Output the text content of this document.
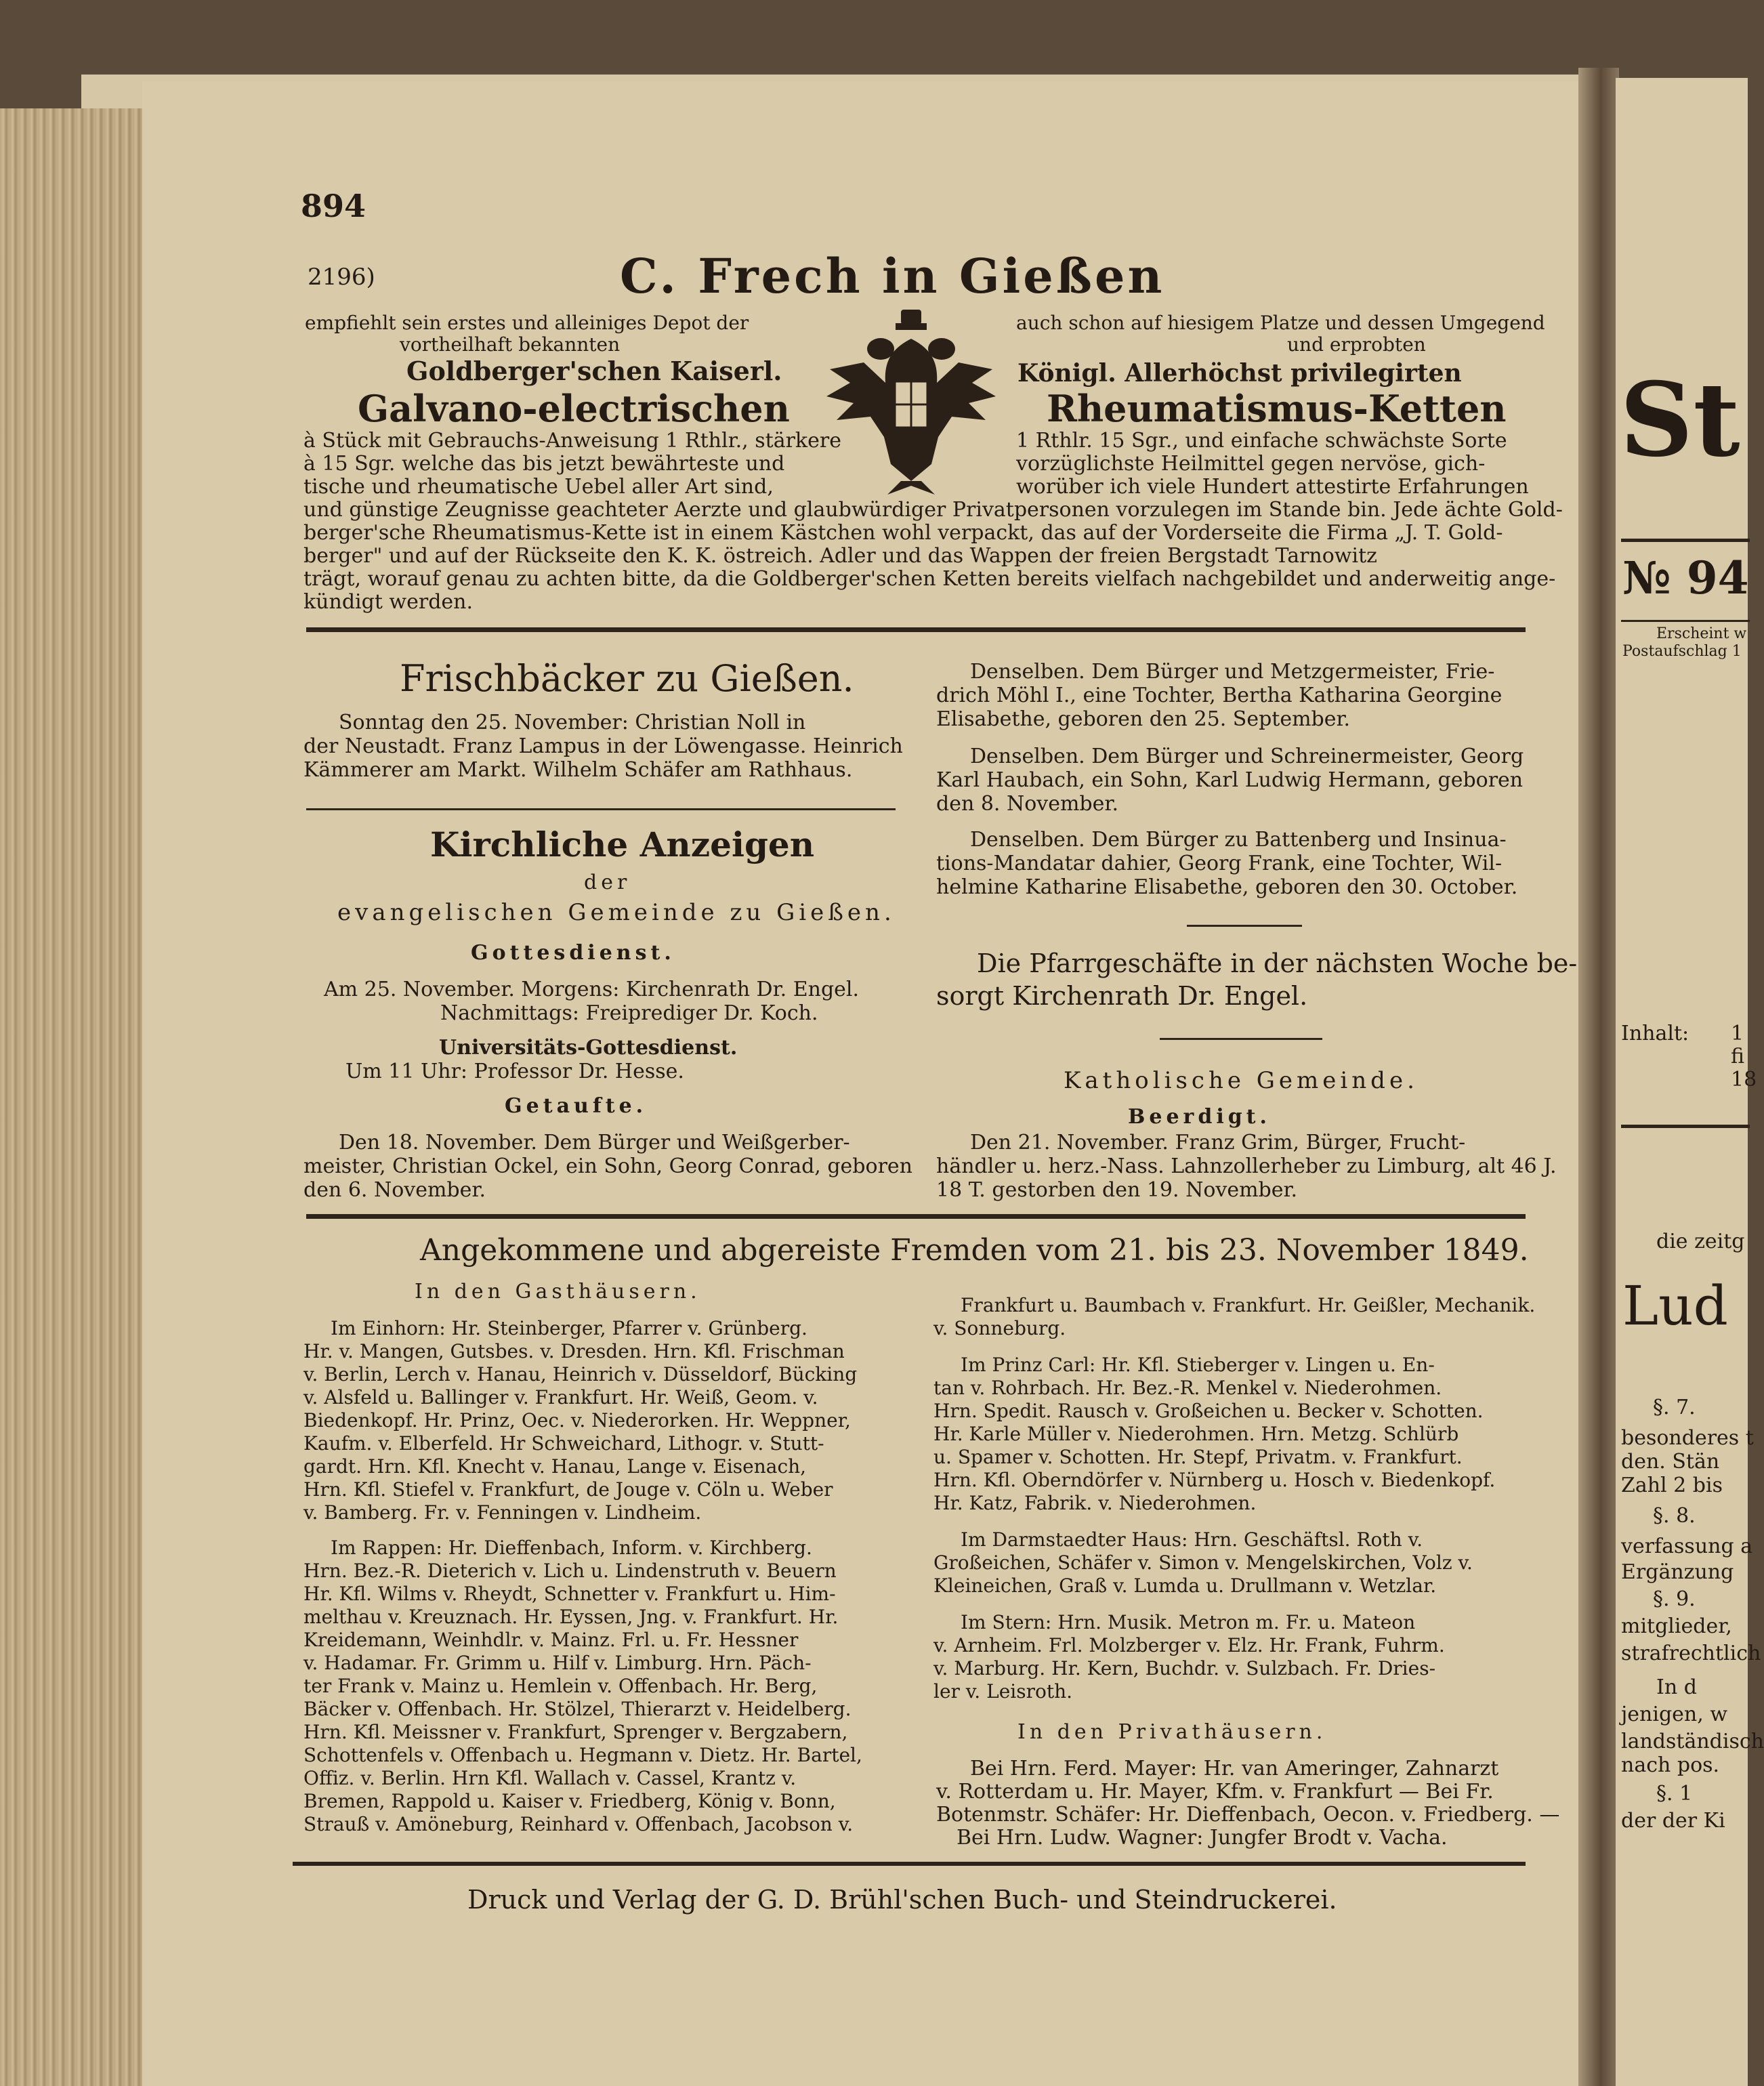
894
2196)	C. Frech in Gießen
empfiehlt sein erstes und alleiniges Depot der
vortheilhaft bekannten
auch schon auf hiesigem Platze und dessen Umgegend
und erprobten
Goldberger'schen Kaiserl.	Königl. Allerhöchst privilegirten
Galvano-electrischen	Rheumatismus-Ketten
à Stück mit Gebrauchs-Anweisung 1 Rthlr., stärkere
à 15 Sgr. welche das bis jetzt bewährteste und
tische und rheumatische Uebel aller Art sind,
1 Rthlr. 15 Sgr., und einfache schwächste Sorte
vorzüglichste Heilmittel gegen nervöse, gich-
worüber ich viele Hundert attestirte Erfahrungen
und günstige Zeugnisse geachteter Aerzte und glaubwürdiger Privatpersonen vorzulegen im Stande bin. Jede ächte Gold-
berger'sche Rheumatismus-Kette ist in einem Kästchen wohl verpackt, das auf der Vorderseite die Firma „J. T. Gold-
berger" und auf der Rückseite den K. K. östreich. Adler und das Wappen der freien Bergstadt Tarnowitz
trägt, worauf genau zu achten bitte, da die Goldberger'schen Ketten bereits vielfach nachgebildet und anderweitig ange-
kündigt werden.
Frischbäcker zu Gießen.
Sonntag den 25. November: Christian Noll in
der Neustadt. Franz Lampus in der Löwengasse. Heinrich
Kämmerer am Markt. Wilhelm Schäfer am Rathhaus.
Kirchliche Anzeigen
der
evangelischen Gemeinde zu Gießen.
Gottesdienst.
Am 25. November. Morgens: Kirchenrath Dr. Engel.
Nachmittags: Freiprediger Dr. Koch.
Universitäts-Gottesdienst.
Um 11 Uhr: Professor Dr. Hesse.
Getaufte.
Den 18. November. Dem Bürger und Weißgerber-
meister, Christian Ockel, ein Sohn, Georg Conrad, geboren
den 6. November.
Denselben. Dem Bürger und Metzgermeister, Frie-
drich Möhl I., eine Tochter, Bertha Katharina Georgine
Elisabethe, geboren den 25. September.
Denselben. Dem Bürger und Schreinermeister, Georg
Karl Haubach, ein Sohn, Karl Ludwig Hermann, geboren
den 8. November.
Denselben. Dem Bürger zu Battenberg und Insinua-
tions-Mandatar dahier, Georg Frank, eine Tochter, Wil-
helmine Katharine Elisabethe, geboren den 30. October.
Die Pfarrgeschäfte in der nächsten Woche be-
sorgt Kirchenrath Dr. Engel.
Katholische Gemeinde.
Beerdigt.
Den 21. November. Franz Grim, Bürger, Frucht-
händler u. herz.-Nass. Lahnzollerheber zu Limburg, alt 46 J.
18 T. gestorben den 19. November.
Angekommene und abgereiste Fremden vom 21. bis 23. November 1849.
In den Gasthäusern.
Im Einhorn: Hr. Steinberger, Pfarrer v. Grünberg.
Hr. v. Mangen, Gutsbes. v. Dresden. Hrn. Kfl. Frischman
v. Berlin, Lerch v. Hanau, Heinrich v. Düsseldorf, Bücking
v. Alsfeld u. Ballinger v. Frankfurt. Hr. Weiß, Geom. v.
Biedenkopf. Hr. Prinz, Oec. v. Niederorken. Hr. Weppner,
Kaufm. v. Elberfeld. Hr Schweichard, Lithogr. v. Stutt-
gardt. Hrn. Kfl. Knecht v. Hanau, Lange v. Eisenach,
Hrn. Kfl. Stiefel v. Frankfurt, de Jouge v. Cöln u. Weber
v. Bamberg. Fr. v. Fenningen v. Lindheim.
Im Rappen: Hr. Dieffenbach, Inform. v. Kirchberg.
Hrn. Bez.-R. Dieterich v. Lich u. Lindenstruth v. Beuern
Hr. Kfl. Wilms v. Rheydt, Schnetter v. Frankfurt u. Him-
melthau v. Kreuznach. Hr. Eyssen, Jng. v. Frankfurt. Hr.
Kreidemann, Weinhdlr. v. Mainz. Frl. u. Fr. Hessner
v. Hadamar. Fr. Grimm u. Hilf v. Limburg. Hrn. Päch-
ter Frank v. Mainz u. Hemlein v. Offenbach. Hr. Berg,
Bäcker v. Offenbach. Hr. Stölzel, Thierarzt v. Heidelberg.
Hrn. Kfl. Meissner v. Frankfurt, Sprenger v. Bergzabern,
Schottenfels v. Offenbach u. Hegmann v. Dietz. Hr. Bartel,
Offiz. v. Berlin. Hrn Kfl. Wallach v. Cassel, Krantz v.
Bremen, Rappold u. Kaiser v. Friedberg, König v. Bonn,
Strauß v. Amöneburg, Reinhard v. Offenbach, Jacobson v.
Frankfurt u. Baumbach v. Frankfurt. Hr. Geißler, Mechanik.
v. Sonneburg.
Im Prinz Carl: Hr. Kfl. Stieberger v. Lingen u. En-
tan v. Rohrbach. Hr. Bez.-R. Menkel v. Niederohmen.
Hrn. Spedit. Rausch v. Großeichen u. Becker v. Schotten.
Hr. Karle Müller v. Niederohmen. Hrn. Metzg. Schlürb
u. Spamer v. Schotten. Hr. Stepf, Privatm. v. Frankfurt.
Hrn. Kfl. Oberndörfer v. Nürnberg u. Hosch v. Biedenkopf.
Hr. Katz, Fabrik. v. Niederohmen.
Im Darmstaedter Haus: Hrn. Geschäftsl. Roth v.
Großeichen, Schäfer v. Simon v. Mengelskirchen, Volz v.
Kleineichen, Graß v. Lumda u. Drullmann v. Wetzlar.
Im Stern: Hrn. Musik. Metron m. Fr. u. Mateon
v. Arnheim. Frl. Molzberger v. Elz. Hr. Frank, Fuhrm.
v. Marburg. Hr. Kern, Buchdr. v. Sulzbach. Fr. Dries-
ler v. Leisroth.
In den Privathäusern.
Bei Hrn. Ferd. Mayer: Hr. van Ameringer, Zahnarzt
v. Rotterdam u. Hr. Mayer, Kfm. v. Frankfurt — Bei Fr.
Botenmstr. Schäfer: Hr. Dieffenbach, Oecon. v. Friedberg. —
Bei Hrn. Ludw. Wagner: Jungfer Brodt v. Vacha.
Druck und Verlag der G. D. Brühl'schen Buch- und Steindruckerei.
St
№ 94
Erscheint w
Postaufschlag 1
Inhalt: 1
fi
18
die zeitg
Lud
§. 7.
besonderes t
den. Stän
Zahl 2 bis
§. 8.
verfassung a
Ergänzung
§. 9.
mitglieder,
strafrechtlich
In d
jenigen, w
landständisch
nach pos.
§. 1
der der Ki
